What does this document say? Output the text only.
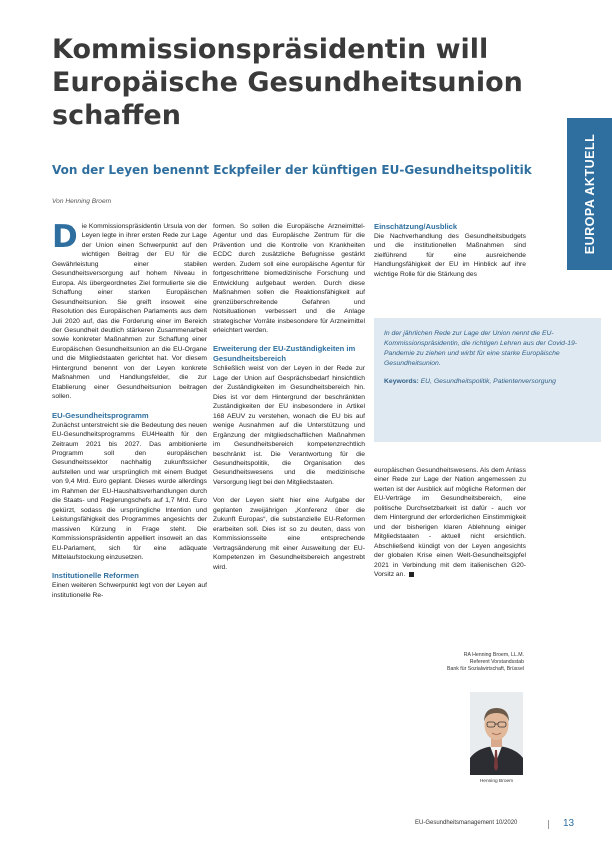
Kommissionspräsidentin will Europäische Gesundheitsunion schaffen
Von der Leyen benennt Eckpfeiler der künftigen EU-Gesundheitspolitik
Von Henning Broem	EUROPA AKTUELL

Die Kommissionspräsidentin Ursula von der Leyen legte in ihrer ersten Rede zur Lage der Union einen Schwerpunkt auf den wichtigen Beitrag der EU für die Gewährleistung einer stabilen Gesundheitsversorgung auf hohem Niveau in Europa. Als übergeordnetes Ziel formulierte sie die Schaffung einer starken Europäischen Gesundheitsunion. Sie greift insoweit eine Resolution des Europäischen Parlaments aus dem Juli 2020 auf, das die Forderung einer im Bereich der Gesundheit deutlich stärkeren Zusammenarbeit sowie konkreter Maßnahmen zur Schaffung einer Europäischen Gesundheitsunion an die EU-Organe und die Mitgliedstaaten gerichtet hat. Vor diesem Hintergrund benennt von der Leyen konkrete Maßnahmen und Handlungsfelder, die zur Etablierung einer Gesundheitsunion beitragen sollen.

EU-Gesundheitsprogramm

Zunächst unterstreicht sie die Bedeutung des neuen EU-Gesundheitsprogramms EU4Health für den Zeitraum 2021 bis 2027. Das ambitionierte Programm soll den europäischen Gesundheitssektor nachhaltig zukunftssicher aufstellen und war ursprünglich mit einem Budget von 9,4 Mrd. Euro geplant. Dieses wurde allerdings im Rahmen der EU-Haushaltsverhandlungen durch die Staats- und Regierungschefs auf 1,7 Mrd. Euro gekürzt, sodass die ursprüngliche Intention und Leistungsfähigkeit des Programmes angesichts der massiven Kürzung in Frage steht. Die Kommissionspräsidentin appelliert insoweit an das EU-Parlament, sich für eine adäquate Mittelaufstockung einzusetzen.

Institutionelle Reformen

Einen weiteren Schwerpunkt legt von der Leyen auf institutionelle Re-

formen. So sollen die Europäische Arzneimittel-Agentur und das Europäische Zentrum für die Prävention und die Kontrolle von Krankheiten ECDC durch zusätzliche Befugnisse gestärkt werden. Zudem soll eine europäische Agentur für fortgeschrittene biomedizinische Forschung und Entwicklung aufgebaut werden. Durch diese Maßnahmen sollen die Reaktionsfähigkeit auf grenzüberschreitende Gefahren und Notsituationen verbessert und die Anlage strategischer Vorräte insbesondere für Arzneimittel erleichtert werden.

Erweiterung der EU-Zuständigkeiten im Gesundheitsbereich

Schließlich weist von der Leyen in der Rede zur Lage der Union auf Gesprächsbedarf hinsichtlich der Zuständigkeiten im Gesundheitsbereich hin. Dies ist vor dem Hintergrund der beschränkten Zuständigkeiten der EU insbesondere in Artikel 168 AEUV zu verstehen, wonach die EU bis auf wenige Ausnahmen auf die Unterstützung und Ergänzung der mitgliedschaftlichen Maßnahmen im Gesundheitsbereich kompetenzrechtlich beschränkt ist. Die Verantwortung für die Gesundheitspolitik, die Organisation des Gesundheitswesens und die medizinische Versorgung liegt bei den Mitgliedstaaten.

Von der Leyen sieht hier eine Aufgabe der geplanten zweijährigen „Konferenz über die Zukunft Europas“, die substanzielle EU-Reformen erarbeiten soll. Dies ist so zu deuten, dass von Kommissionsseite eine entsprechende Vertragsänderung mit einer Ausweitung der EU-Kompetenzen im Gesundheitsbereich angestrebt wird.

Einschätzung/Ausblick

Die Nachverhandlung des Gesundheitsbudgets und die institutionellen Maßnahmen sind zielführend für eine ausreichende Handlungsfähigkeit der EU im Hinblick auf ihre wichtige Rolle für die Stärkung des

In der jährlichen Rede zur Lage der Union nennt die EU-Kommissionspräsidentin, die richtigen Lehren aus der Covid-19-Pandemie zu ziehen und wirbt für eine starke Europäische Gesundheitsunion.

Keywords: EU, Gesundheitspolitik, Patientenversorgung

europäischen Gesundheitswesens. Als dem Anlass einer Rede zur Lage der Nation angemessen zu werten ist der Ausblick auf mögliche Reformen der EU-Verträge im Gesundheitsbereich, eine politische Durchsetzbarkeit ist dafür - auch vor dem Hintergrund der erforderlichen Einstimmigkeit und der bisherigen klaren Ablehnung einiger Mitgliedstaaten - aktuell nicht ersichtlich. Abschließend kündigt von der Leyen angesichts der globalen Krise einen Welt-Gesundheitsgipfel 2021 in Verbindung mit dem italienischen G20-Vorsitz an.

RA Henning Broem, LL.M.
Referent Vorstandsstab
Bank für Sozialwirtschaft, Brüssel
Henning Broem
EU-Gesundheitsmanagement 10/2020	13
